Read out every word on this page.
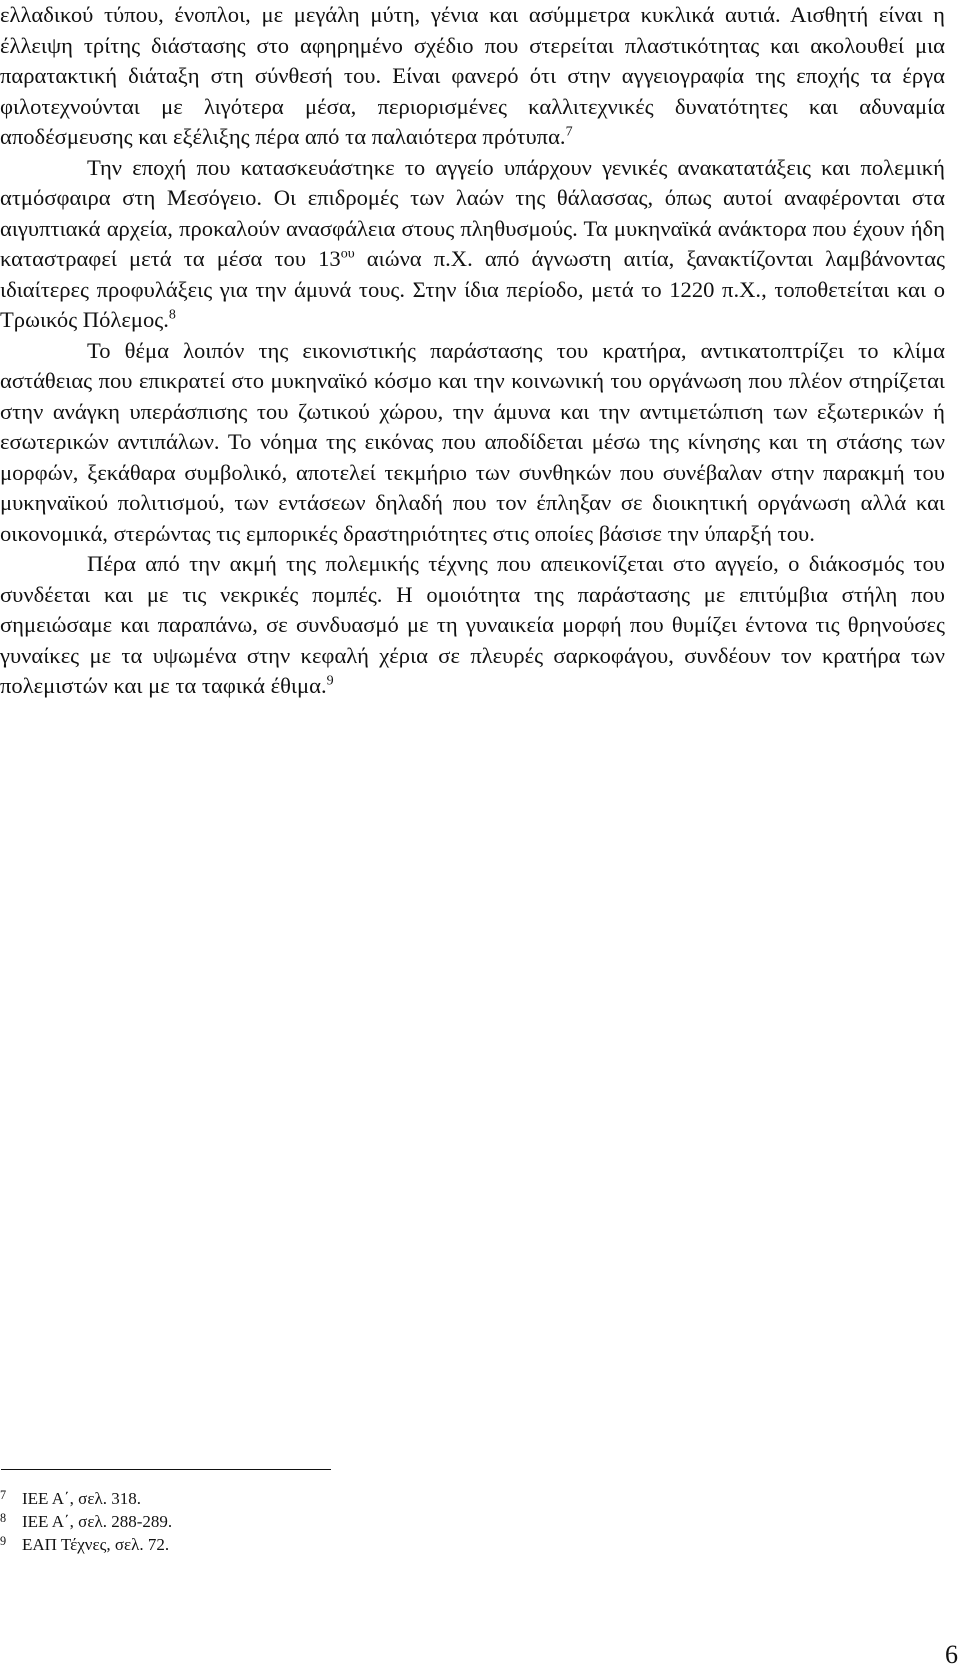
ελλαδικού τύπου, ένοπλοι, με μεγάλη μύτη, γένια και ασύμμετρα κυκλικά αυτιά. Αισθητή είναι η έλλειψη τρίτης διάστασης στο αφηρημένο σχέδιο που στερείται πλαστικότητας και ακολουθεί μια παρατακτική διάταξη στη σύνθεσή του. Είναι φανερό ότι στην αγγειογραφία της εποχής τα έργα φιλοτεχνούνται με λιγότερα μέσα, περιορισμένες καλλιτεχνικές δυνατότητες και αδυναμία αποδέσμευσης και εξέλιξης πέρα από τα παλαιότερα πρότυπα.$^7$

Την εποχή που κατασκευάστηκε το αγγείο υπάρχουν γενικές ανακατατάξεις και πολεμική ατμόσφαιρα στη Μεσόγειο. Οι επιδρομές των λαών της θάλασσας, όπως αυτοί αναφέρονται στα αιγυπτιακά αρχεία, προκαλούν ανασφάλεια στους πληθυσμούς. Τα μυκηναϊκά ανάκτορα που έχουν ήδη καταστραφεί μετά τα μέσα του $13^{o\upsilon}$ αιώνα π.Χ. από άγνωστη αιτία, ξανακτίζονται λαμβάνοντας ιδιαίτερες προφυλάξεις για την άμυνά τους. Στην ίδια περίοδο, μετά το 1220 π.Χ., τοποθετείται και ο Τρωικός Πόλεμος.$^8$

Το θέμα λοιπόν της εικονιστικής παράστασης του κρατήρα, αντικατοπτρίζει το κλίμα αστάθειας που επικρατεί στο μυκηναϊκό κόσμο και την κοινωνική του οργάνωση που πλέον στηρίζεται στην ανάγκη υπεράσπισης του ζωτικού χώρου, την άμυνα και την αντιμετώπιση των εξωτερικών ή εσωτερικών αντιπάλων. Το νόημα της εικόνας που αποδίδεται μέσω της κίνησης και τη στάσης των μορφών, ξεκάθαρα συμβολικό, αποτελεί τεκμήριο των συνθηκών που συνέβαλαν στην παρακμή του μυκηναϊκού πολιτισμού, των εντάσεων δηλαδή που τον έπληξαν σε διοικητική οργάνωση αλλά και οικονομικά, στερώντας τις εμπορικές δραστηριότητες στις οποίες βάσισε την ύπαρξή του.

Πέρα από την ακμή της πολεμικής τέχνης που απεικονίζεται στο αγγείο, ο διάκοσμός του συνδέεται και με τις νεκρικές πομπές. Η ομοιότητα της παράστασης με επιτύμβια στήλη που σημειώσαμε και παραπάνω, σε συνδυασμό με τη γυναικεία μορφή που θυμίζει έντονα τις θρηνούσες γυναίκες με τα υψωμένα στην κεφαλή χέρια σε πλευρές σαρκοφάγου, συνδέουν τον κρατήρα των πολεμιστών και με τα ταφικά έθιμα.$^9$

7 ΙΕΕ Α΄, σελ. 318.

8 ΙΕΕ Α΄, σελ. 288-289.

9 ΕΑΠ Τέχνες, σελ. 72.

6
